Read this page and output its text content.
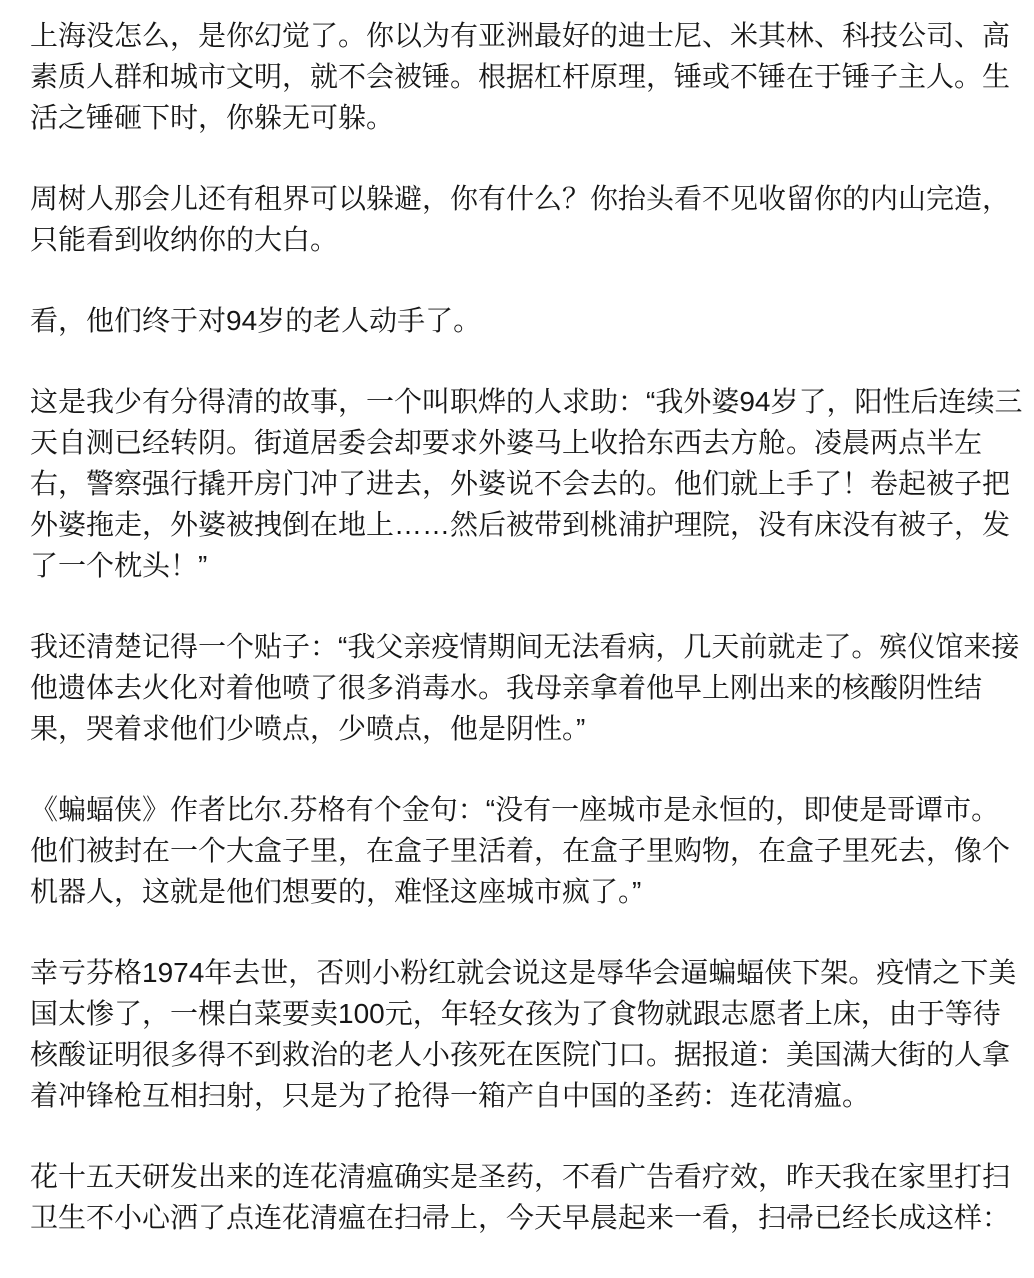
上海没怎么，是你幻觉了。你以为有亚洲最好的迪士尼、米其林、科技公司、高素质人群和城市文明，就不会被锤。根据杠杆原理，锤或不锤在于锤子主人。生活之锤砸下时，你躲无可躲。

周树人那会儿还有租界可以躲避，你有什么？你抬头看不见收留你的内山完造，只能看到收纳你的大白。

看，他们终于对94岁的老人动手了。

这是我少有分得清的故事，一个叫职烨的人求助：“我外婆94岁了，阳性后连续三天自测已经转阴。街道居委会却要求外婆马上收拾东西去方舱。凌晨两点半左右，警察强行撬开房门冲了进去，外婆说不会去的。他们就上手了！卷起被子把外婆拖走，外婆被拽倒在地上……然后被带到桃浦护理院，没有床没有被子，发了一个枕头！”

我还清楚记得一个贴子：“我父亲疫情期间无法看病，几天前就走了。殡仪馆来接他遗体去火化对着他喷了很多消毒水。我母亲拿着他早上刚出来的核酸阴性结果，哭着求他们少喷点，少喷点，他是阴性。”

《蝙蝠侠》作者比尔.芬格有个金句：“没有一座城市是永恒的，即使是哥谭市。他们被封在一个大盒子里，在盒子里活着，在盒子里购物，在盒子里死去，像个机器人，这就是他们想要的，难怪这座城市疯了。”

幸亏芬格1974年去世，否则小粉红就会说这是辱华会逼蝙蝠侠下架。疫情之下美国太惨了，一棵白菜要卖100元，年轻女孩为了食物就跟志愿者上床，由于等待核酸证明很多得不到救治的老人小孩死在医院门口。据报道：美国满大街的人拿着冲锋枪互相扫射，只是为了抢得一箱产自中国的圣药：连花清瘟。

花十五天研发出来的连花清瘟确实是圣药，不看广告看疗效，昨天我在家里打扫卫生不小心洒了点连花清瘟在扫帚上，今天早晨起来一看，扫帚已经长成这样：
